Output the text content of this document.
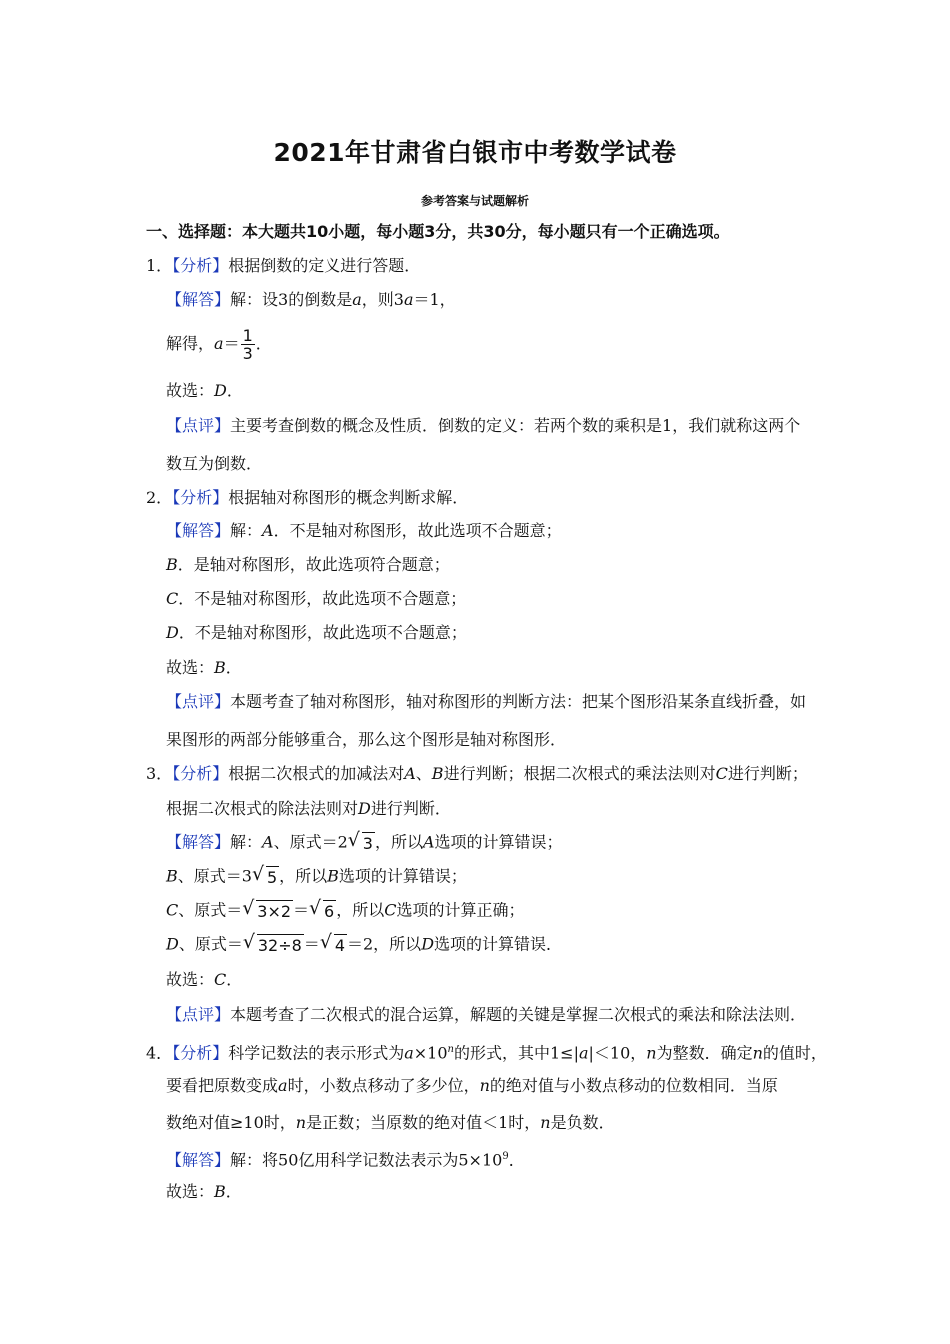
2021年甘肃省白银市中考数学试卷
参考答案与试题解析
一、选择题：本大题共10小题，每小题3分，共30分，每小题只有一个正确选项。
1．【分析】根据倒数的定义进行答题．
【解答】解：设3的倒数是a，则3a＝1，
解得，$a= \frac{1}{3}$ ．
故选：D．
【点评】主要考查倒数的概念及性质．倒数的定义：若两个数的乘积是1，我们就称这两个
数互为倒数．
2．【分析】根据轴对称图形的概念判断求解．
【解答】解：A．不是轴对称图形，故此选项不合题意；
B．是轴对称图形，故此选项符合题意；
C．不是轴对称图形，故此选项不合题意；
D．不是轴对称图形，故此选项不合题意；
故选：B．
【点评】本题考查了轴对称图形，轴对称图形的判断方法：把某个图形沿某条直线折叠，如
果图形的两部分能够重合，那么这个图形是轴对称图形．
3．【分析】根据二次根式的加减法对A、B进行判断；根据二次根式的乘法法则对C进行判断；
根据二次根式的除法法则对D进行判断．
【解答】解：A、原式＝2 √ 3 ，所以A选项的计算错误；
B、原式＝3 √ 5 ，所以B选项的计算错误；
C、原式＝ √ 3×2 ＝ √ 6 ，所以C选项的计算正确；
D、原式＝ √ 32÷8 ＝ √ 4 ＝2，所以D选项的计算错误．
故选：C．
【点评】本题考查了二次根式的混合运算，解题的关键是掌握二次根式的乘法和除法法则．
4．【分析】科学记数法的表示形式为$a\times 10^n$的形式，其中1≤|a|＜10，n为整数．确定n的值时，
要看把原数变成a时，小数点移动了多少位，n的绝对值与小数点移动的位数相同．当原
数绝对值≥10时，n是正数；当原数的绝对值＜1时，n是负数．
【解答】解：将50亿用科学记数法表示为$5\times 10^9$．
故选：B．
